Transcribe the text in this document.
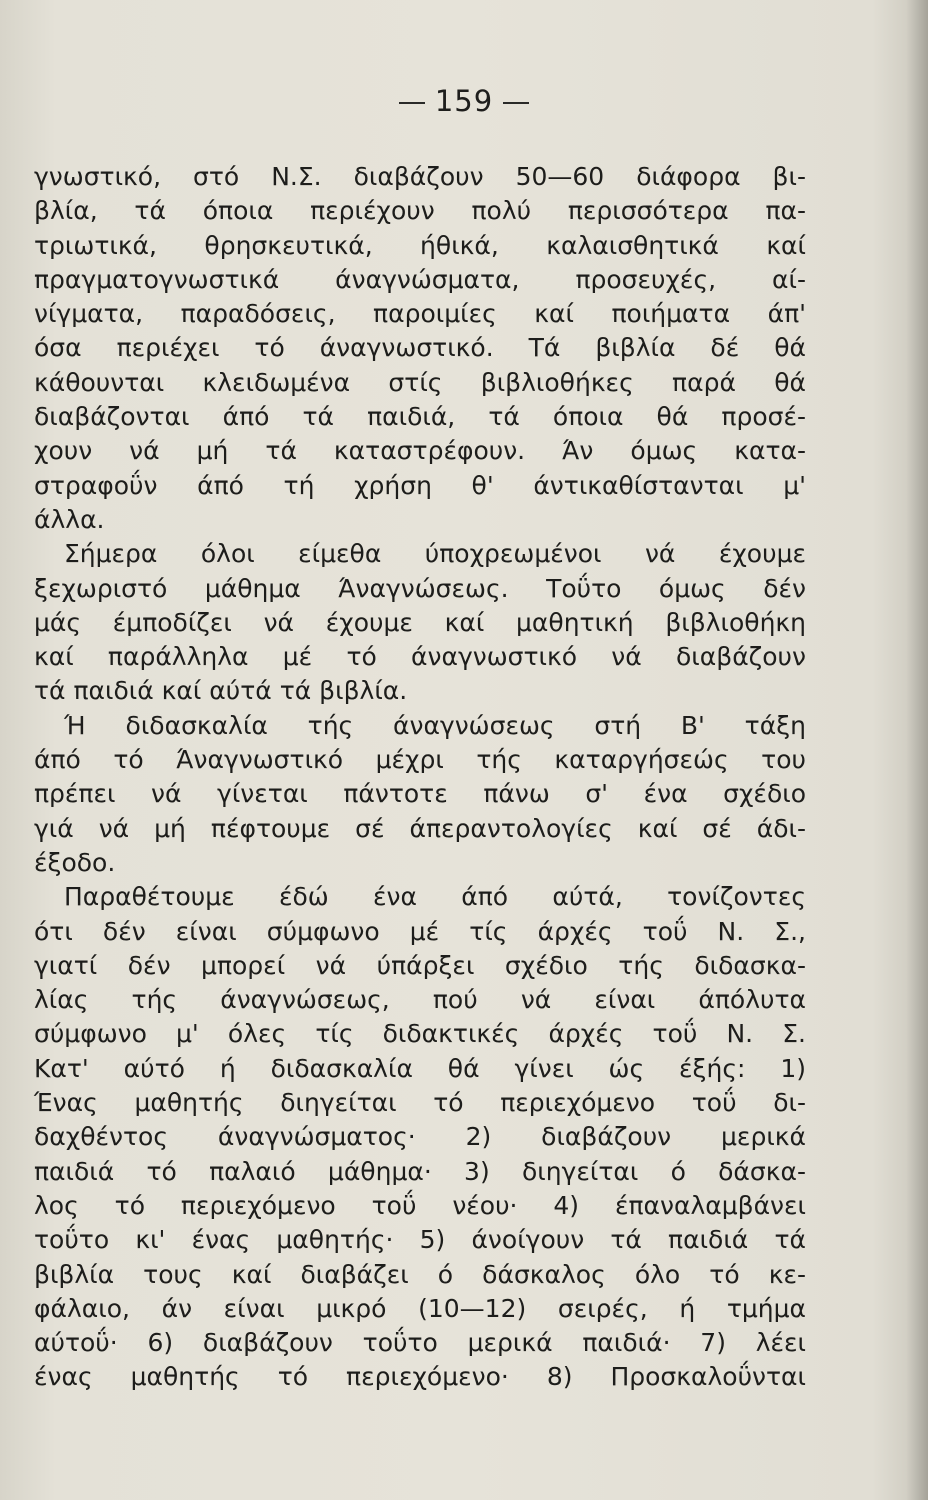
159
γνωστικό, στό Ν.Σ. διαβάζουν 50—60 διάφορα βι-
βλία, τά όποια περιέχουν πολύ περισσότερα πα-
τριωτικά, θρησκευτικά, ήθικά, καλαισθητικά καί
πραγματογνωστικά άναγνώσματα, προσευχές, αί-
νίγματα, παραδόσεις, παροιμίες καί ποιήματα άπ'
όσα περιέχει τό άναγνωστικό. Τά βιβλία δέ θά
κάθουνται κλειδωμένα στίς βιβλιοθήκες παρά θά
διαβάζονται άπό τά παιδιά, τά όποια θά προσέ-
χουν νά μή τά καταστρέφουν. Άν όμως κατα-
στραφοΰν άπό τή χρήση θ' άντικαθίστανται μ'
άλλα.
Σήμερα όλοι είμεθα ύποχρεωμένοι νά έχουμε
ξεχωριστό μάθημα Άναγνώσεως. Τοΰτο όμως δέν
μάς έμποδίζει νά έχουμε καί μαθητική βιβλιοθήκη
καί παράλληλα μέ τό άναγνωστικό νά διαβάζουν
τά παιδιά καί αύτά τά βιβλία.
Ή διδασκαλία τής άναγνώσεως στή Β' τάξη
άπό τό Άναγνωστικό μέχρι τής καταργήσεώς του
πρέπει νά γίνεται πάντοτε πάνω σ' ένα σχέδιο
γιά νά μή πέφτουμε σέ άπεραντολογίες καί σέ άδι-
έξοδο.
Παραθέτουμε έδώ ένα άπό αύτά, τονίζοντες
ότι δέν είναι σύμφωνο μέ τίς άρχές τοΰ Ν. Σ.,
γιατί δέν μπορεί νά ύπάρξει σχέδιο τής διδασκα-
λίας τής άναγνώσεως, πού νά είναι άπόλυτα
σύμφωνο μ' όλες τίς διδακτικές άρχές τοΰ Ν. Σ.
Κατ' αύτό ή διδασκαλία θά γίνει ώς έξής: 1)
Ένας μαθητής διηγείται τό περιεχόμενο τοΰ δι-
δαχθέντος άναγνώσματος· 2) διαβάζουν μερικά
παιδιά τό παλαιό μάθημα· 3) διηγείται ό δάσκα-
λος τό περιεχόμενο τοΰ νέου· 4) έπαναλαμβάνει
τοΰτο κι' ένας μαθητής· 5) άνοίγουν τά παιδιά τά
βιβλία τους καί διαβάζει ό δάσκαλος όλο τό κε-
φάλαιο, άν είναι μικρό (10—12) σειρές, ή τμήμα
αύτοΰ· 6) διαβάζουν τοΰτο μερικά παιδιά· 7) λέει
ένας μαθητής τό περιεχόμενο· 8) Προσκαλοΰνται
